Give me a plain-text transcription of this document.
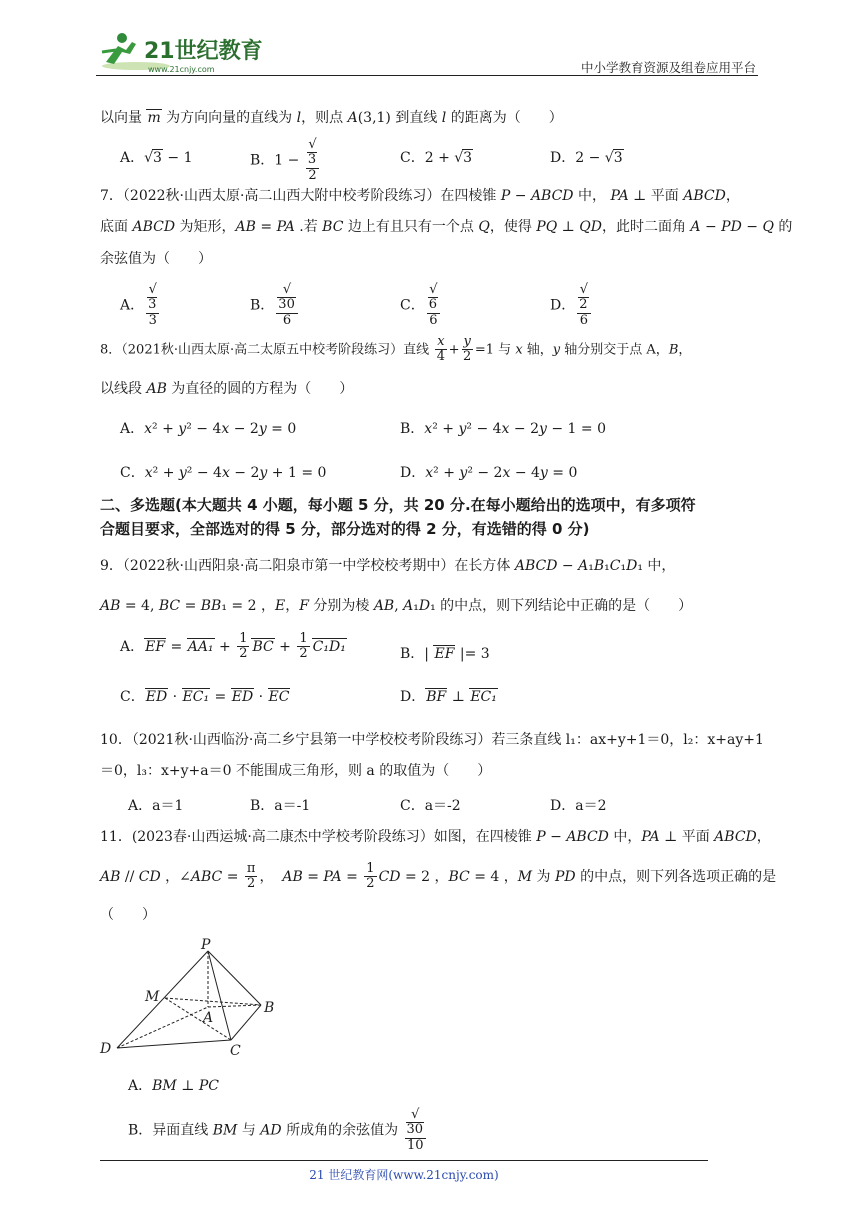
21世纪教育
www.21cnjy.com	中小学教育资源及组卷应用平台
以向量 m 为方向向量的直线为 l，则点 A(3,1) 到直线 l 的距离为（　　）
A．√3 − 1	B．1 − √
3
2	C．2 + √3	D．2 − √3
7．（2022秋·山西太原·高二山西大附中校考阶段练习）在四棱锥 P − ABCD 中， PA ⊥ 平面 ABCD，
底面 ABCD 为矩形，AB = PA .若 BC 边上有且只有一个点 Q，使得 PQ ⊥ QD，此时二面角 A − PD − Q 的
余弦值为（　　）
A． √
3
3	B． √
30
6	C． √
6
6	D． √
2
6
8．（2021秋·山西太原·高二太原五中校考阶段练习）直线 $\frac{x}{4} + \frac{y}{2} =1$ 与 x 轴，y 轴分别交于点 A，B，
以线段 AB 为直径的圆的方程为（　　）
A．x² + y² − 4x − 2y = 0	B．x² + y² − 4x − 2y − 1 = 0
C．x² + y² − 4x − 2y + 1 = 0	D．x² + y² − 2x − 4y = 0
二、多选题(本大题共 4 小题，每小题 5 分，共 20 分.在每小题给出的选项中，有多项符
合题目要求，全部选对的得 5 分，部分选对的得 2 分，有选错的得 0 分)
9．（2022秋·山西阳泉·高二阳泉市第一中学校校考期中）在长方体 ABCD − A₁B₁C₁D₁ 中，
AB = 4, BC = BB₁ = 2 ，E，F 分别为棱 AB, A₁D₁ 的中点，则下列结论中正确的是（　　）
A．EF = $AA_1 + \frac{1}{2}$ BC + $\frac{1}{2} C_1D_1$	B．| EF |= 3
C．ED · EC₁ = ED · EC	D．BF ⊥ EC₁
10．（2021秋·山西临汾·高二乡宁县第一中学校校考阶段练习）若三条直线 l₁：ax+y+1＝0，l₂：x+ay+1
＝0，l₃：x+y+a＝0 不能围成三角形，则 a 的取值为（　　）
A．a＝1	B．a＝-1	C．a＝-2	D．a＝2
11．(2023春·山西运城·高二康杰中学校考阶段练习）如图，在四棱锥 P − ABCD 中，PA ⊥ 平面 ABCD，
AB // CD ，∠ABC = $\frac{\pi}{2}$ ，  AB = PA = $\frac{1}{2}$ CD = 2 ，BC = 4 ，M 为 PD 的中点，则下列各选项正确的是
（　　）
P
M
A
B
D	C
A．BM ⊥ PC
B．异面直线 BM 与 AD 所成角的余弦值为 √
30
10
21 世纪教育网(www.21cnjy.com)
